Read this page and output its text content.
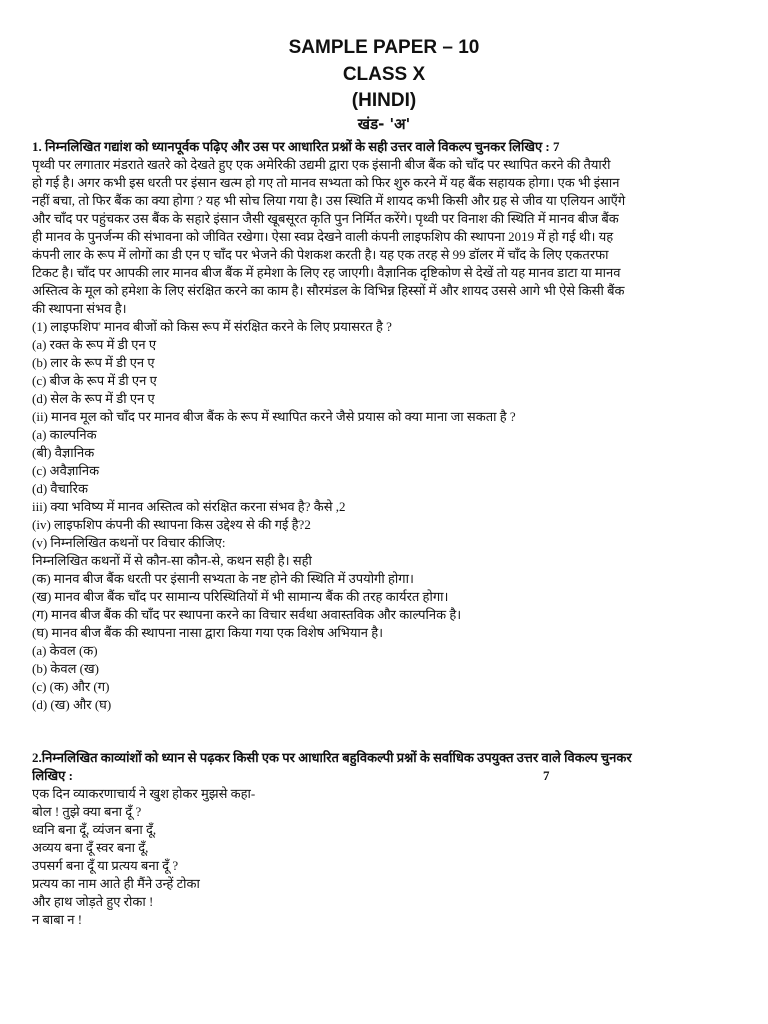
SAMPLE PAPER – 10
CLASS X
(HINDI)
खंड- 'अ'
1. निम्नलिखित गद्यांश को ध्यानपूर्वक पढ़िए और उस पर आधारित प्रश्नों के सही उत्तर वाले विकल्प चुनकर लिखिए : 7
पृथ्वी पर लगातार मंडराते खतरे को देखते हुए एक अमेरिकी उद्यमी द्वारा एक इंसानी बीज बैंक को चाँद पर स्थापित करने की तैयारी
हो गई है। अगर कभी इस धरती पर इंसान खत्म हो गए तो मानव सभ्यता को फिर शुरु करने में यह बैंक सहायक होगा। एक भी इंसान
नहीं बचा, तो फिर बैंक का क्या होगा ? यह भी सोच लिया गया है। उस स्थिति में शायद कभी किसी और ग्रह से जीव या एलियन आएँगे
और चाँद पर पहुंचकर उस बैंक के सहारे इंसान जैसी खूबसूरत कृति पुन निर्मित करेंगे। पृथ्वी पर विनाश की स्थिति में मानव बीज बैंक
ही मानव के पुनर्जन्म की संभावना को जीवित रखेगा। ऐसा स्वप्न देखने वाली कंपनी लाइफशिप की स्थापना 2019 में हो गई थी। यह
कंपनी लार के रूप में लोगों का डी एन ए चाँद पर भेजने की पेशकश करती है। यह एक तरह से 99 डॉलर में चाँद के लिए एकतरफा
टिकट है। चाँद पर आपकी लार मानव बीज बैंक में हमेशा के लिए रह जाएगी। वैज्ञानिक दृष्टिकोण से देखें तो यह मानव डाटा या मानव
अस्तित्व के मूल को हमेशा के लिए संरक्षित करने का काम है। सौरमंडल के विभिन्न हिस्सों में और शायद उससे आगे भी ऐसे किसी बैंक
की स्थापना संभव है।
(1) लाइफशिप' मानव बीजों को किस रूप में संरक्षित करने के लिए प्रयासरत है ?
(a) रक्त के रूप में डी एन ए
(b) लार के रूप में डी एन ए
(c) बीज के रूप में डी एन ए
(d) सेल के रूप में डी एन ए
(ii) मानव मूल को चाँद पर मानव बीज बैंक के रूप में स्थापित करने जैसे प्रयास को क्या माना जा सकता है ?
(a) काल्पनिक
(बी) वैज्ञानिक
(c) अवैज्ञानिक
(d) वैचारिक
iii) क्या भविष्य में मानव अस्तित्व को संरक्षित करना संभव है? कैसे ,2
(iv) लाइफशिप कंपनी की स्थापना किस उद्देश्य से की गई है?2
(v) निम्नलिखित कथनों पर विचार कीजिए:
निम्नलिखित कथनों में से कौन-सा कौन-से, कथन सही है। सही
(क) मानव बीज बैंक धरती पर इंसानी सभ्यता के नष्ट होने की स्थिति में उपयोगी होगा।
(ख) मानव बीज बैंक चाँद पर सामान्य परिस्थितियों में भी सामान्य बैंक की तरह कार्यरत होगा।
(ग) मानव बीज बैंक की चाँद पर स्थापना करने का विचार सर्वथा अवास्तविक और काल्पनिक है।
(घ) मानव बीज बैंक की स्थापना नासा द्वारा किया गया एक विशेष अभियान है।
(a) केवल (क)
(b) केवल (ख)
(c) (क) और (ग)
(d) (ख) और (घ)
2.निम्नलिखित काव्यांशों को ध्यान से पढ़कर किसी एक पर आधारित बहुविकल्पी प्रश्नों के सर्वाधिक उपयुक्त उत्तर वाले विकल्प चुनकर
लिखिए :	7
एक दिन व्याकरणाचार्य ने खुश होकर मुझसे कहा-
बोल ! तुझे क्या बना दूँ ?
ध्वनि बना दूँ, व्यंजन बना दूँ,
अव्यय बना दूँ स्वर बना दूँ,
उपसर्ग बना दूँ या प्रत्यय बना दूँ ?
प्रत्यय का नाम आते ही मैंने उन्हें टोका
और हाथ जोड़ते हुए रोका !
न बाबा न !
